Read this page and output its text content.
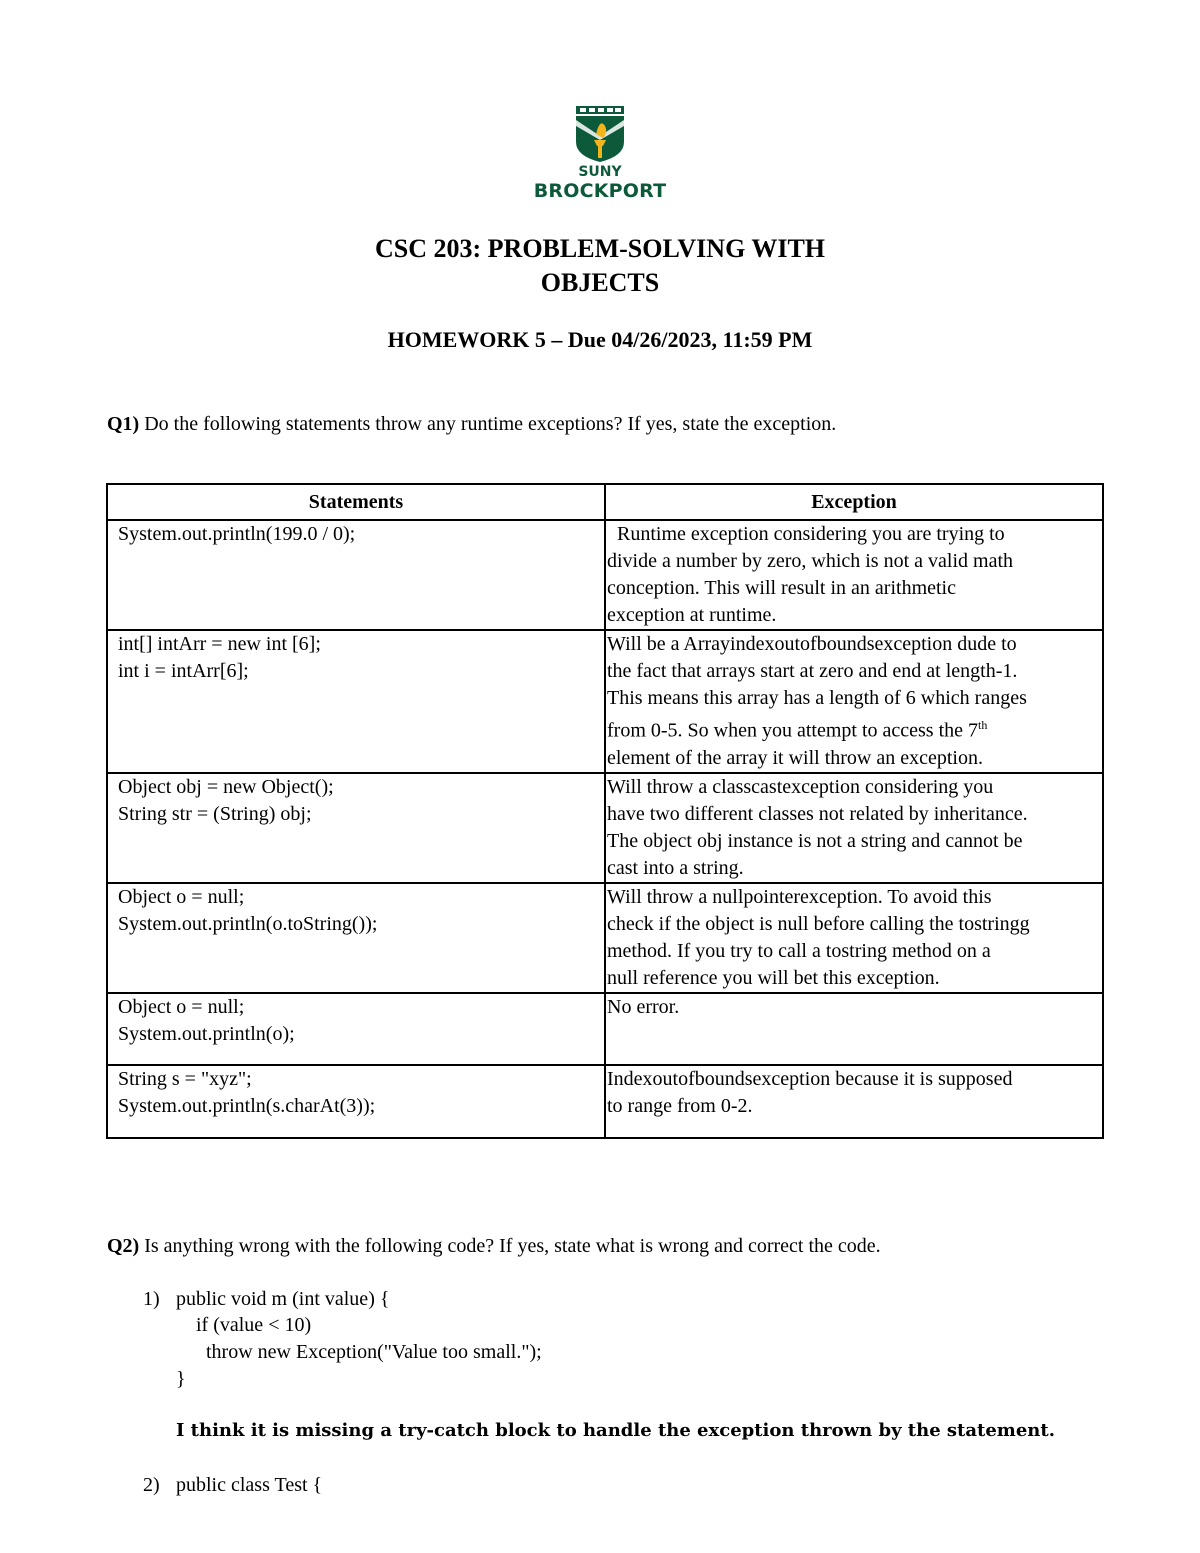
SUNY
BROCKPORT
CSC 203: PROBLEM-SOLVING WITH
OBJECTS
HOMEWORK 5 – Due 04/26/2023, 11:59 PM
Q1) Do the following statements throw any runtime exceptions? If yes, state the exception.
Statements	Exception

System.out.println(199.0 / 0);	Runtime exception considering you are trying to
divide a number by zero, which is not a valid math
conception. This will result in an arithmetic
exception at runtime.

int[] intArr = new int [6];
int i = intArr[6];	Will be a Arrayindexoutofboundsexception dude to
the fact that arrays start at zero and end at length-1.
This means this array has a length of 6 which ranges
from 0-5. So when you attempt to access the 7th
element of the array it will throw an exception.

Object obj = new Object();
String str = (String) obj;	Will throw a classcastexception considering you
have two different classes not related by inheritance.
The object obj instance is not a string and cannot be
cast into a string.

Object o = null;
System.out.println(o.toString());	Will throw a nullpointerexception. To avoid this
check if the object is null before calling the tostringg
method. If you try to call a tostring method on a
null reference you will bet this exception.

Object o = null;
System.out.println(o);	No error.

String s = "xyz";
System.out.println(s.charAt(3));	Indexoutofboundsexception because it is supposed
to range from 0-2.
Q2) Is anything wrong with the following code? If yes, state what is wrong and correct the code.
1) public void m (int value) {
if (value < 10)
throw new Exception("Value too small.");
}
I think it is missing a try-catch block to handle the exception thrown by the statement.
2) public class Test {
